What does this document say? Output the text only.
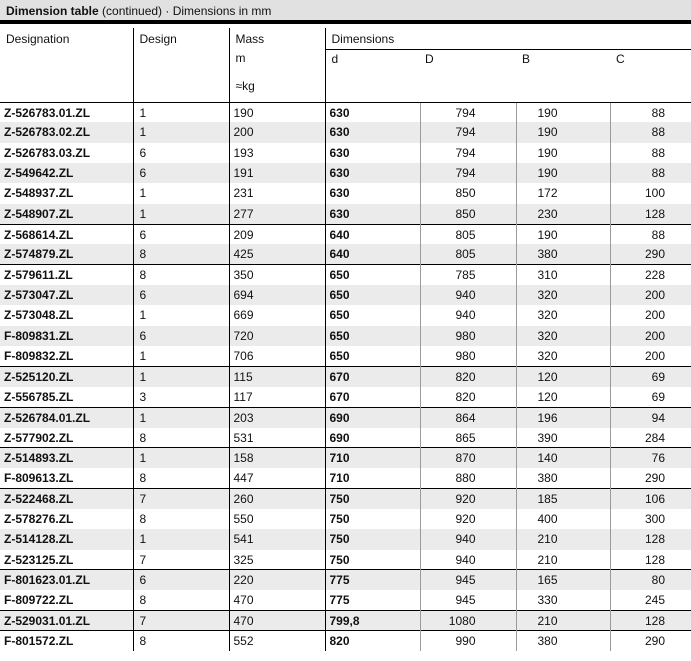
Dimension table (continued) · Dimensions in mm
Designation	Design	Mass	Dimensions			
		m	d	D	B	C
		≈kg				
Z-526783.01.ZL	1	190	630	794	190	88
Z-526783.02.ZL	1	200	630	794	190	88
Z-526783.03.ZL	6	193	630	794	190	88
Z-549642.ZL	6	191	630	794	190	88
Z-548937.ZL	1	231	630	850	172	100
Z-548907.ZL	1	277	630	850	230	128
Z-568614.ZL	6	209	640	805	190	88
Z-574879.ZL	8	425	640	805	380	290
Z-579611.ZL	8	350	650	785	310	228
Z-573047.ZL	6	694	650	940	320	200
Z-573048.ZL	1	669	650	940	320	200
F-809831.ZL	6	720	650	980	320	200
F-809832.ZL	1	706	650	980	320	200
Z-525120.ZL	1	115	670	820	120	69
Z-556785.ZL	3	117	670	820	120	69
Z-526784.01.ZL	1	203	690	864	196	94
Z-577902.ZL	8	531	690	865	390	284
Z-514893.ZL	1	158	710	870	140	76
F-809613.ZL	8	447	710	880	380	290
Z-522468.ZL	7	260	750	920	185	106
Z-578276.ZL	8	550	750	920	400	300
Z-514128.ZL	1	541	750	940	210	128
Z-523125.ZL	7	325	750	940	210	128
F-801623.01.ZL	6	220	775	945	165	80
F-809722.ZL	8	470	775	945	330	245
Z-529031.01.ZL	7	470	799,8	1080	210	128
F-801572.ZL	8	552	820	990	380	290
